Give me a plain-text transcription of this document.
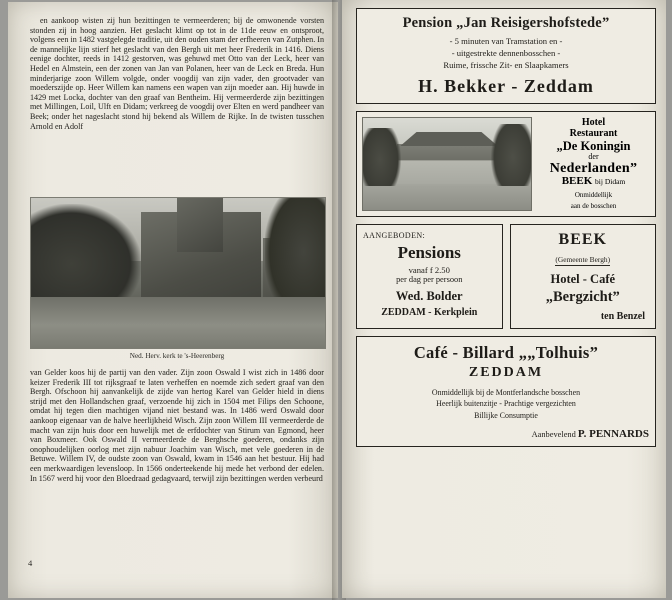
en aankoop wisten zij hun bezittingen te vermeerderen; bij de omwonende vorsten stonden zij in hoog aanzien. Het geslacht klimt op tot in de 11de eeuw en ontsproot, volgens een in 1482 vastgelegde traditie, uit den ouden stam der erfheeren van Zutphen. In de mannelijke lijn stierf het geslacht van den Bergh uit met heer Frederik in 1416. Diens eenige dochter, reeds in 1412 gestorven, was gehuwd met Otto van der Leck, heer van Hedel en Almstein, een der zonen van Jan van Polanen, heer van de Leck en Breda. Hun minderjarige zoon Willem volgde, onder voogdij van zijn vader, den grootvader van moederszijde op. Heer Willem kan namens een wapen van zijn moeder aan. Hij huwde in 1429 met Locka, dochter van den graaf van Bentheim. Hij vermeerderde zijn bezittingen met Millingen, Loil, Ulft en Didam; verkreeg de voogdij over Elten en werd pandheer van Beek; onder het nageslacht stond hij bekend als Willem de Rijke. In de twisten tusschen Arnold en Adolf

Ned. Herv. kerk te 's-Heerenberg

van Gelder koos hij de partij van den vader. Zijn zoon Oswald I wist zich in 1486 door keizer Frederik III tot rijksgraaf te laten verheffen en noemde zich sedert graaf van den Bergh. Ofschoon hij aanvankelijk de zijde van hertog Karel van Gelder hield in diens strijd met den Hollandschen graaf, verzoende hij zich in 1504 met Filips den Schoone, omdat hij tegen dien machtigen vijand niet bestand was. In 1486 werd Oswald door aankoop eigenaar van de halve heerlijkheid Wisch. Zijn zoon Willem III vermeerderde de macht van zijn huis door een huwelijk met de erfdochter van Stirum van Egmond, heer van Boxmeer. Ook Oswald II vermeerderde de Berghsche goederen, ondanks zijn onophoudelijken oorlog met zijn nabuur Joachim van Wisch, met vele goederen in de Betuwe. Willem IV, de oudste zoon van Oswald, kwam in 1546 aan het bestuur. Hij had een merkwaardigen levensloop. In 1566 onderteekende hij mede het verbond der edelen. In 1567 werd hij voor den Bloedraad gedagvaard, terwijl zijn bezittingen werden verbeurd

4
Pension „Jan Reisigershofstede”
- 5 minuten van Tramstation en -
- uitgestrekte dennenbosschen -
Ruime, frissche Zit- en Slaapkamers
H. Bekker - Zeddam
Hotel
Restaurant
„De Koningin
der
Nederlanden”
BEEK bij Didam
Onmiddellijk
aan de bosschen
AANGEBODEN:
Pensions
vanaf f 2.50
per dag per persoon
Wed. Bolder
ZEDDAM - Kerkplein
BEEK
(Gemeente Bergh)
Hotel - Café
„Bergzicht”
ten Benzel
Café - Billard „„Tolhuis”
ZEDDAM
Onmiddellijk bij de Montferlandsche bosschen
Heerlijk buitenzitje - Prachtige vergezichten
Billijke Consumptie
Aanbevelend P. PENNARDS
